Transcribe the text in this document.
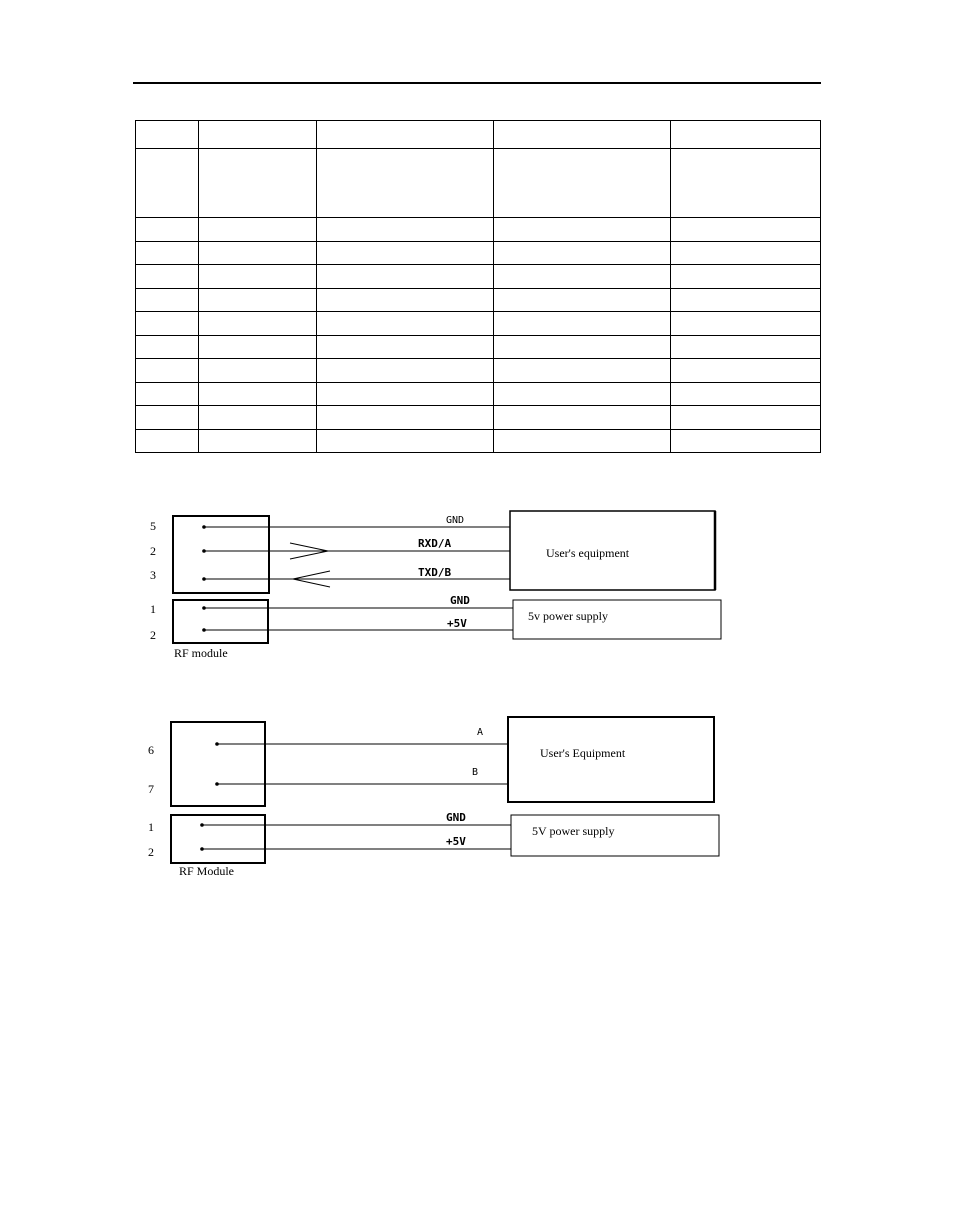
5
2
3
1
2
GND
RXD/A
TXD/B
GND
+5V
User's equipment
5v power supply
RF module
6
7
1
2
A
B
GND
+5V
User's Equipment
5V power supply
RF Module
